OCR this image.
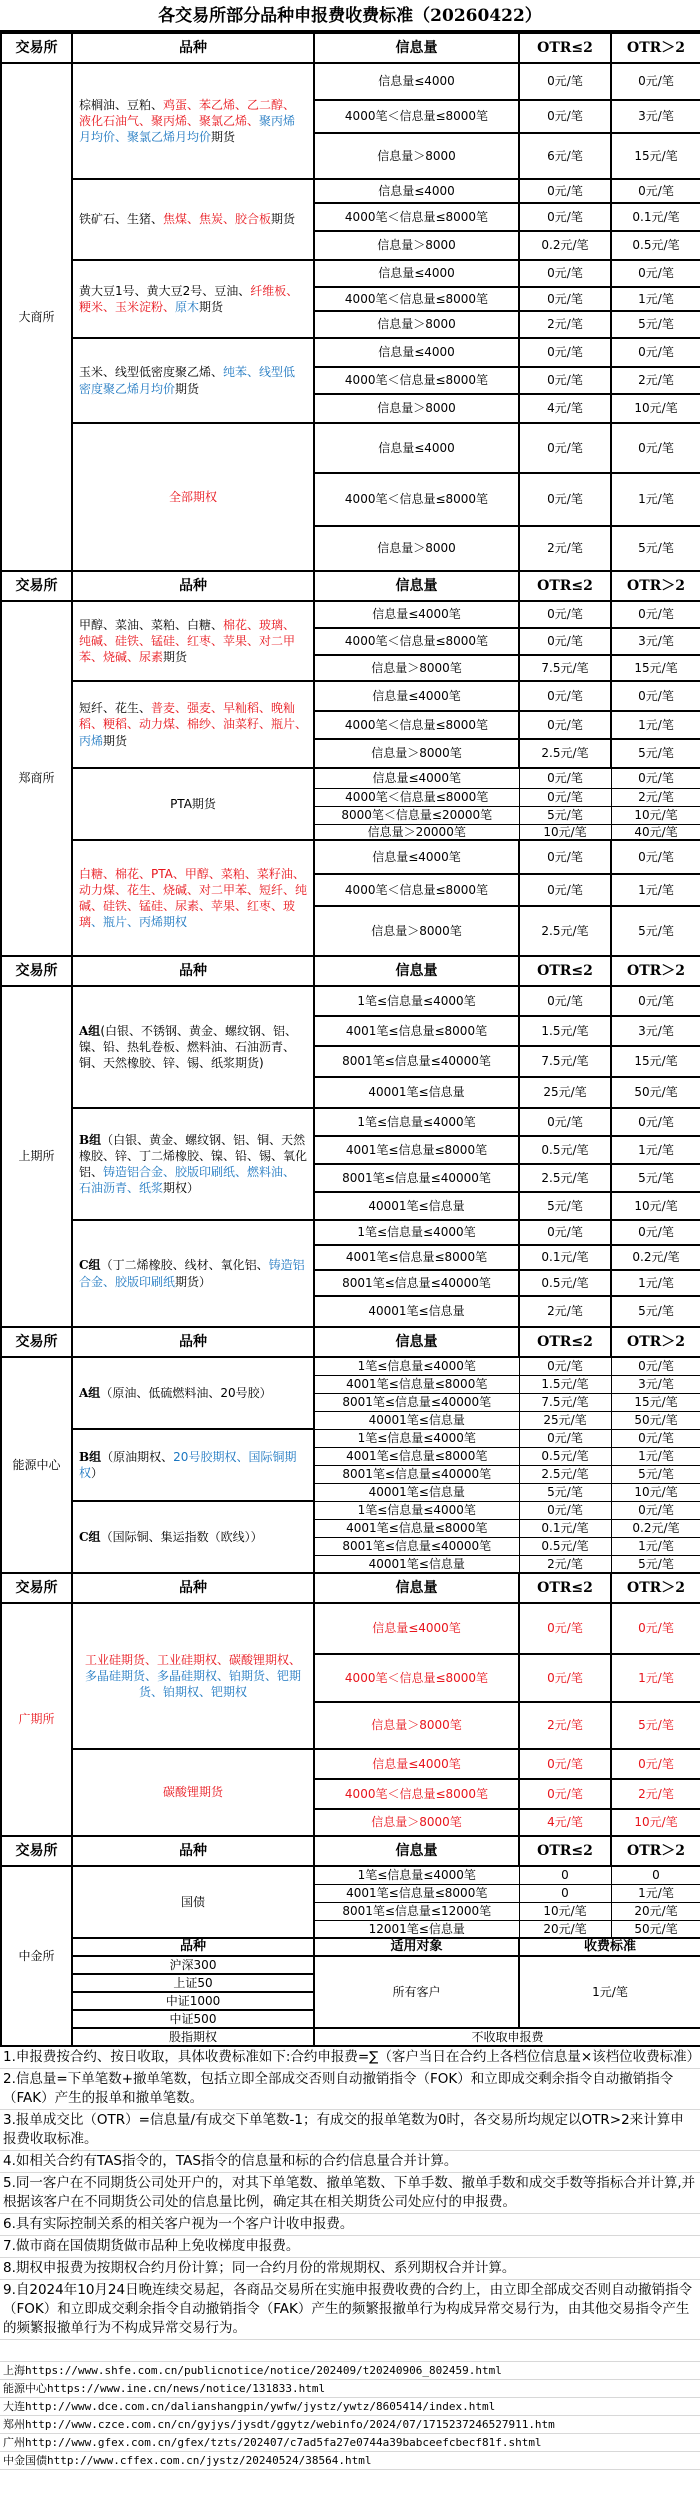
各交易所部分品种申报费收费标准（20260422）
交易所	品种	信息量	OTR≤2	OTR＞2
大商所	棕榈油、豆粕、鸡蛋、苯乙烯、乙二醇、液化石油气、聚丙烯、聚氯乙烯、聚丙烯月均价、聚氯乙烯月均价期货	信息量≤4000	0元/笔	0元/笔
		4000笔＜信息量≤8000笔	0元/笔	3元/笔
		信息量＞8000	6元/笔	15元/笔
	铁矿石、生猪、焦煤、焦炭、胶合板期货	信息量≤4000	0元/笔	0元/笔
		4000笔＜信息量≤8000笔	0元/笔	0.1元/笔
		信息量＞8000	0.2元/笔	0.5元/笔
	黄大豆1号、黄大豆2号、豆油、纤维板、粳米、玉米淀粉、原木期货	信息量≤4000	0元/笔	0元/笔
		4000笔＜信息量≤8000笔	0元/笔	1元/笔
		信息量＞8000	2元/笔	5元/笔
	玉米、线型低密度聚乙烯、纯苯、线型低密度聚乙烯月均价期货	信息量≤4000	0元/笔	0元/笔
		4000笔＜信息量≤8000笔	0元/笔	2元/笔
		信息量＞8000	4元/笔	10元/笔
	全部期权	信息量≤4000	0元/笔	0元/笔
		4000笔＜信息量≤8000笔	0元/笔	1元/笔
		信息量＞8000	2元/笔	5元/笔
交易所	品种	信息量	OTR≤2	OTR＞2
郑商所	甲醇、菜油、菜粕、白糖、棉花、玻璃、纯碱、硅铁、锰硅、红枣、苹果、对二甲苯、烧碱、尿素期货	信息量≤4000笔	0元/笔	0元/笔
		4000笔＜信息量≤8000笔	0元/笔	3元/笔
		信息量＞8000笔	7.5元/笔	15元/笔
	短纤、花生、普麦、强麦、早籼稻、晚籼稻、粳稻、动力煤、棉纱、油菜籽、瓶片、丙烯期货	信息量≤4000笔	0元/笔	0元/笔
		4000笔＜信息量≤8000笔	0元/笔	1元/笔
		信息量＞8000笔	2.5元/笔	5元/笔
	PTA期货	信息量≤4000笔	0元/笔	0元/笔
		4000笔＜信息量≤8000笔	0元/笔	2元/笔
		8000笔＜信息量≤20000笔	5元/笔	10元/笔
		信息量＞20000笔	10元/笔	40元/笔
	白糖、棉花、PTA、甲醇、菜粕、菜籽油、动力煤、花生、烧碱、对二甲苯、短纤、纯碱、硅铁、锰硅、尿素、苹果、红枣、玻璃、瓶片、丙烯期权	信息量≤4000笔	0元/笔	0元/笔
		4000笔＜信息量≤8000笔	0元/笔	1元/笔
		信息量＞8000笔	2.5元/笔	5元/笔
交易所	品种	信息量	OTR≤2	OTR＞2
上期所	A组(白银、不锈钢、黄金、螺纹钢、铝、镍、铅、热轧卷板、燃料油、石油沥青、铜、天然橡胶、锌、锡、纸浆期货)	1笔≤信息量≤4000笔	0元/笔	0元/笔
		4001笔≤信息量≤8000笔	1.5元/笔	3元/笔
		8001笔≤信息量≤40000笔	7.5元/笔	15元/笔
		40001笔≤信息量	25元/笔	50元/笔
	B组（白银、黄金、螺纹钢、铝、铜、天然橡胶、锌、丁二烯橡胶、镍、铅、锡、氧化铝、铸造铝合金、胶版印刷纸、燃料油、石油沥青、纸浆期权）	1笔≤信息量≤4000笔	0元/笔	0元/笔
		4001笔≤信息量≤8000笔	0.5元/笔	1元/笔
		8001笔≤信息量≤40000笔	2.5元/笔	5元/笔
		40001笔≤信息量	5元/笔	10元/笔
	C组（丁二烯橡胶、线材、氧化铝、铸造铝合金、胶版印刷纸期货）	1笔≤信息量≤4000笔	0元/笔	0元/笔
		4001笔≤信息量≤8000笔	0.1元/笔	0.2元/笔
		8001笔≤信息量≤40000笔	0.5元/笔	1元/笔
		40001笔≤信息量	2元/笔	5元/笔
交易所	品种	信息量	OTR≤2	OTR＞2
能源中心	A组（原油、低硫燃料油、20号胶）	1笔≤信息量≤4000笔	0元/笔	0元/笔
		4001笔≤信息量≤8000笔	1.5元/笔	3元/笔
		8001笔≤信息量≤40000笔	7.5元/笔	15元/笔
		40001笔≤信息量	25元/笔	50元/笔
	B组（原油期权、20号胶期权、国际铜期权）	1笔≤信息量≤4000笔	0元/笔	0元/笔
		4001笔≤信息量≤8000笔	0.5元/笔	1元/笔
		8001笔≤信息量≤40000笔	2.5元/笔	5元/笔
		40001笔≤信息量	5元/笔	10元/笔
	C组（国际铜、集运指数（欧线））	1笔≤信息量≤4000笔	0元/笔	0元/笔
		4001笔≤信息量≤8000笔	0.1元/笔	0.2元/笔
		8001笔≤信息量≤40000笔	0.5元/笔	1元/笔
		40001笔≤信息量	2元/笔	5元/笔
交易所	品种	信息量	OTR≤2	OTR＞2
广期所	工业硅期货、工业硅期权、碳酸锂期权、多晶硅期货、多晶硅期权、铂期货、钯期货、铂期权、钯期权	信息量≤4000笔	0元/笔	0元/笔
		4000笔＜信息量≤8000笔	0元/笔	1元/笔
		信息量＞8000笔	2元/笔	5元/笔
	碳酸锂期货	信息量≤4000笔	0元/笔	0元/笔
		4000笔＜信息量≤8000笔	0元/笔	2元/笔
		信息量＞8000笔	4元/笔	10元/笔
交易所	品种	信息量	OTR≤2	OTR＞2
中金所	国债	1笔≤信息量≤4000笔	0	0
		4001笔≤信息量≤8000笔	0	1元/笔
		8001笔≤信息量≤12000笔	10元/笔	20元/笔
		12001笔≤信息量	20元/笔	50元/笔
	品种	适用对象	收费标准	
	沪深300	所有客户	1元/笔	
	上证50			
	中证1000			
	中证500			
	股指期权	不收取申报费		
1.申报费按合约、按日收取，具体收费标准如下:合约申报费=∑（客户当日在合约上各档位信息量×该档位收费标准）
2.信息量=下单笔数+撤单笔数，包括立即全部成交否则自动撤销指令（FOK）和立即成交剩余指令自动撤销指令（FAK）产生的报单和撤单笔数。
3.报单成交比（OTR）=信息量/有成交下单笔数-1；有成交的报单笔数为0时，各交易所均规定以OTR>2来计算申报费收取标准。
4.如相关合约有TAS指令的，TAS指令的信息量和标的合约信息量合并计算。
5.同一客户在不同期货公司处开户的，对其下单笔数、撤单笔数、下单手数、撤单手数和成交手数等指标合并计算,并根据该客户在不同期货公司处的信息量比例，确定其在相关期货公司处应付的申报费。
6.具有实际控制关系的相关客户视为一个客户计收申报费。
7.做市商在国债期货做市品种上免收梯度申报费。
8.期权申报费为按期权合约月份计算；同一合约月份的常规期权、系列期权合并计算。
9.自2024年10月24日晚连续交易起，各商品交易所在实施申报费收费的合约上，由立即全部成交否则自动撤销指令（FOK）和立即成交剩余指令自动撤销指令（FAK）产生的频繁报撤单行为构成异常交易行为，由其他交易指令产生的频繁报撤单行为不构成异常交易行为。
上海https://www.shfe.com.cn/publicnotice/notice/202409/t20240906_802459.html
能源中心https://www.ine.cn/news/notice/131833.html
大连http://www.dce.com.cn/dalianshangpin/ywfw/jystz/ywtz/8605414/index.html
郑州http://www.czce.com.cn/cn/gyjys/jysdt/ggytz/webinfo/2024/07/1715237246527911.htm
广州http://www.gfex.com.cn/gfex/tzts/202407/c7ad5fa27e0744a39babceefcbecf81f.shtml
中金国债http://www.cffex.com.cn/jystz/20240524/38564.html
